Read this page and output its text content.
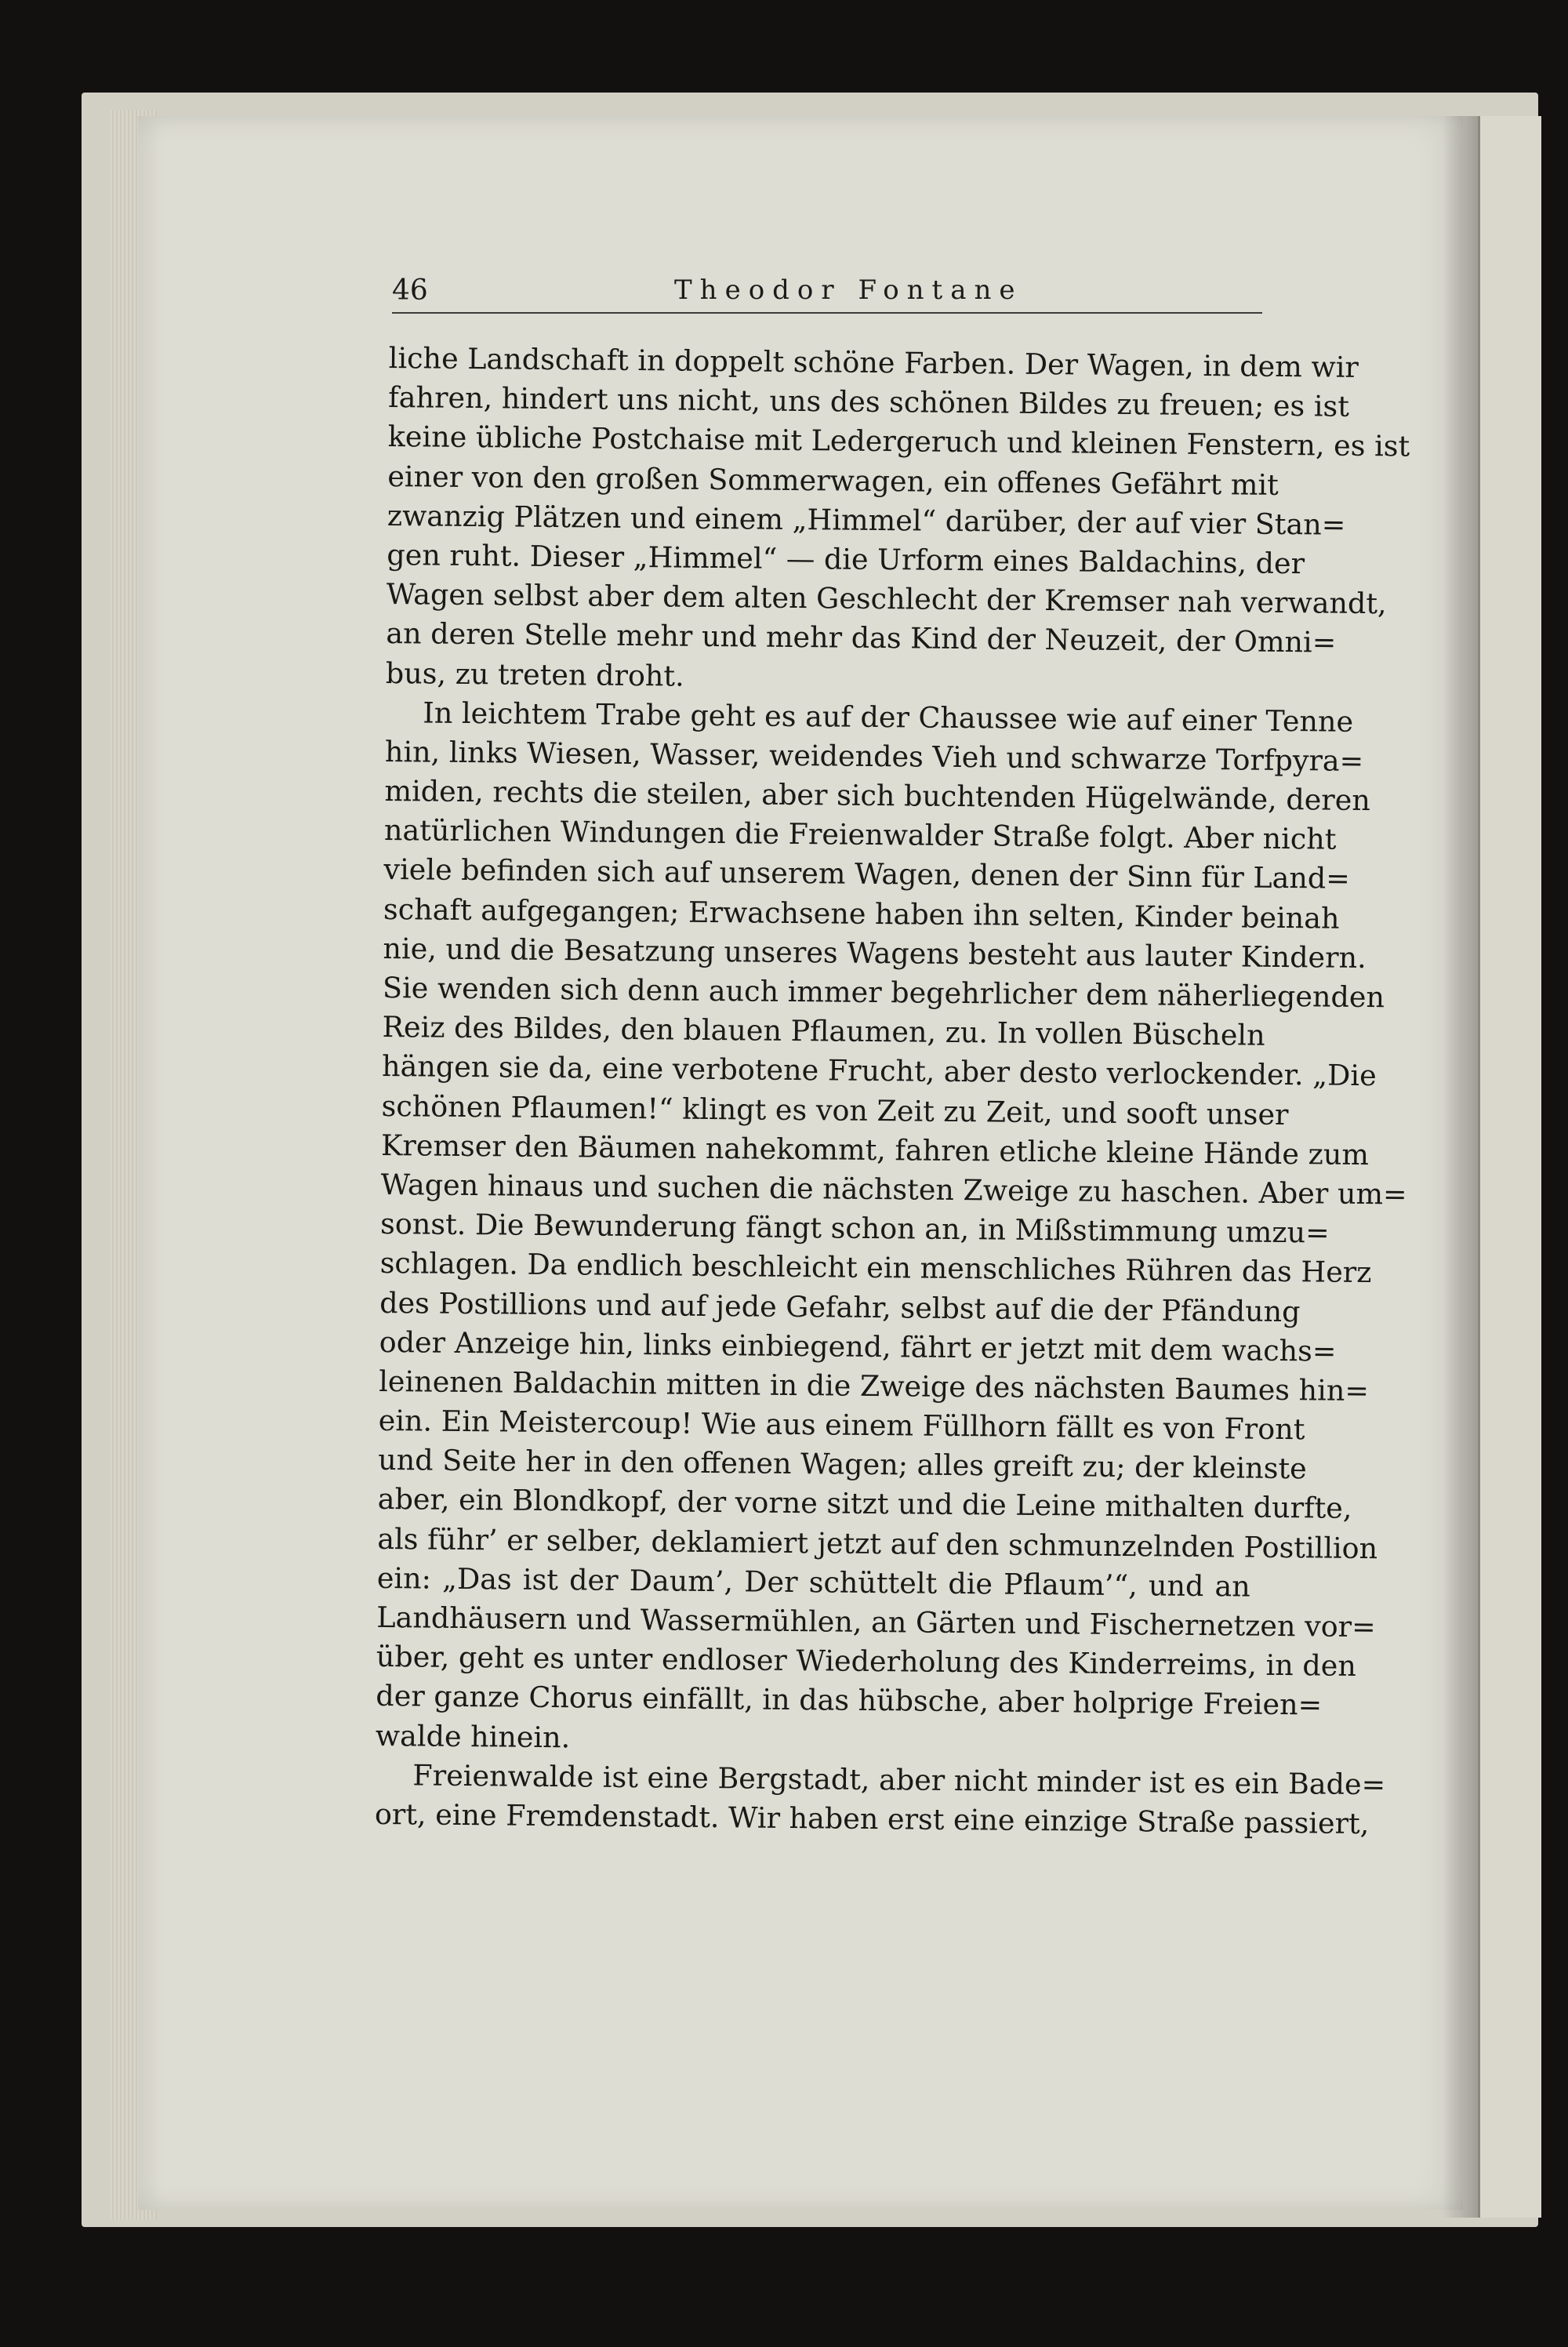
46	Theodor Fontane
liche Landschaft in doppelt schöne Farben. Der Wagen, in dem wir
fahren, hindert uns nicht, uns des schönen Bildes zu freuen; es ist
keine übliche Postchaise mit Ledergeruch und kleinen Fenstern, es ist
einer von den großen Sommerwagen, ein offenes Gefährt mit
zwanzig Plätzen und einem „Himmel“ darüber, der auf vier Stan=
gen ruht. Dieser „Himmel“ — die Urform eines Baldachins, der
Wagen selbst aber dem alten Geschlecht der Kremser nah verwandt,
an deren Stelle mehr und mehr das Kind der Neuzeit, der Omni=
bus, zu treten droht.
In leichtem Trabe geht es auf der Chaussee wie auf einer Tenne
hin, links Wiesen, Wasser, weidendes Vieh und schwarze Torfpyra=
miden, rechts die steilen, aber sich buchtenden Hügelwände, deren
natürlichen Windungen die Freienwalder Straße folgt. Aber nicht
viele befinden sich auf unserem Wagen, denen der Sinn für Land=
schaft aufgegangen; Erwachsene haben ihn selten, Kinder beinah
nie, und die Besatzung unseres Wagens besteht aus lauter Kindern.
Sie wenden sich denn auch immer begehrlicher dem näherliegenden
Reiz des Bildes, den blauen Pflaumen, zu. In vollen Büscheln
hängen sie da, eine verbotene Frucht, aber desto verlockender. „Die
schönen Pflaumen!“ klingt es von Zeit zu Zeit, und sooft unser
Kremser den Bäumen nahekommt, fahren etliche kleine Hände zum
Wagen hinaus und suchen die nächsten Zweige zu haschen. Aber um=
sonst. Die Bewunderung fängt schon an, in Mißstimmung umzu=
schlagen. Da endlich beschleicht ein menschliches Rühren das Herz
des Postillions und auf jede Gefahr, selbst auf die der Pfändung
oder Anzeige hin, links einbiegend, fährt er jetzt mit dem wachs=
leinenen Baldachin mitten in die Zweige des nächsten Baumes hin=
ein. Ein Meistercoup! Wie aus einem Füllhorn fällt es von Front
und Seite her in den offenen Wagen; alles greift zu; der kleinste
aber, ein Blondkopf, der vorne sitzt und die Leine mithalten durfte,
als führ’ er selber, deklamiert jetzt auf den schmunzelnden Postillion
ein: „Das ist der Daum’, Der schüttelt die Pflaum’“, und an
Landhäusern und Wassermühlen, an Gärten und Fischernetzen vor=
über, geht es unter endloser Wiederholung des Kinderreims, in den
der ganze Chorus einfällt, in das hübsche, aber holprige Freien=
walde hinein.
Freienwalde ist eine Bergstadt, aber nicht minder ist es ein Bade=
ort, eine Fremdenstadt. Wir haben erst eine einzige Straße passiert,
